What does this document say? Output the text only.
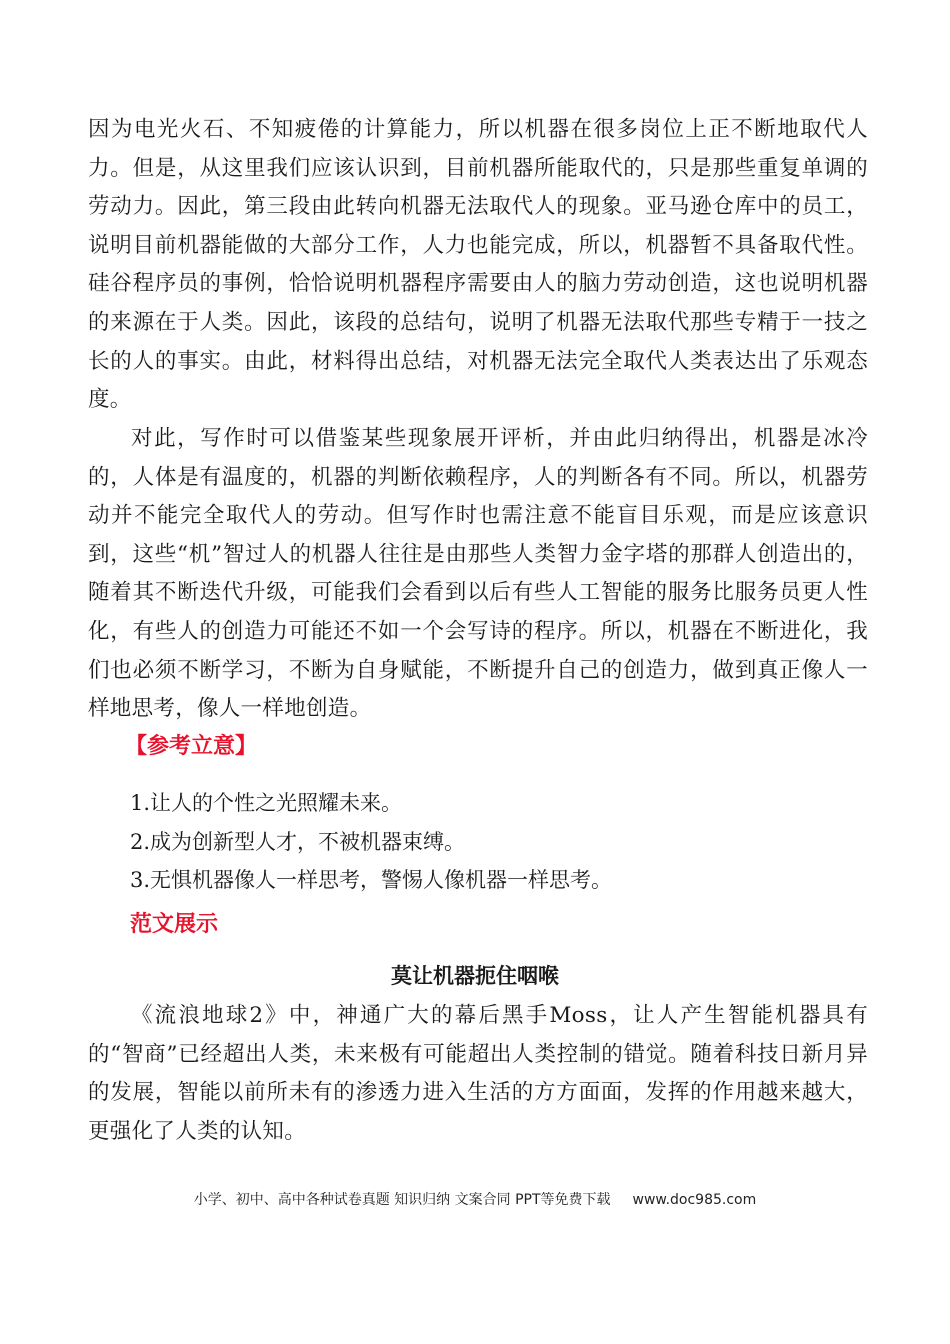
因为电光火石、不知疲倦的计算能力，所以机器在很多岗位上正不断地取代人力。但是，从这里我们应该认识到，目前机器所能取代的，只是那些重复单调的劳动力。因此，第三段由此转向机器无法取代人的现象。亚马逊仓库中的员工，说明目前机器能做的大部分工作，人力也能完成，所以，机器暂不具备取代性。硅谷程序员的事例，恰恰说明机器程序需要由人的脑力劳动创造，这也说明机器的来源在于人类。因此，该段的总结句，说明了机器无法取代那些专精于一技之长的人的事实。由此，材料得出总结，对机器无法完全取代人类表达出了乐观态度。

对此，写作时可以借鉴某些现象展开评析，并由此归纳得出，机器是冰冷的，人体是有温度的，机器的判断依赖程序，人的判断各有不同。所以，机器劳动并不能完全取代人的劳动。但写作时也需注意不能盲目乐观，而是应该意识到，这些“机”智过人的机器人往往是由那些人类智力金字塔的那群人创造出的，随着其不断迭代升级，可能我们会看到以后有些人工智能的服务比服务员更人性化，有些人的创造力可能还不如一个会写诗的程序。所以，机器在不断进化，我们也必须不断学习，不断为自身赋能，不断提升自己的创造力，做到真正像人一样地思考，像人一样地创造。

【参考立意】
1.让人的个性之光照耀未来。
2.成为创新型人才，不被机器束缚。
3.无惧机器像人一样思考，警惕人像机器一样思考。
范文展示
莫让机器扼住咽喉

《流浪地球2》中，神通广大的幕后黑手Moss，让人产生智能机器具有的“智商”已经超出人类，未来极有可能超出人类控制的错觉。随着科技日新月异的发展，智能以前所未有的渗透力进入生活的方方面面，发挥的作用越来越大，更强化了人类的认知。

小学、初中、高中各种试卷真题 知识归纳 文案合同 PPT等免费下载 www.doc985.com
